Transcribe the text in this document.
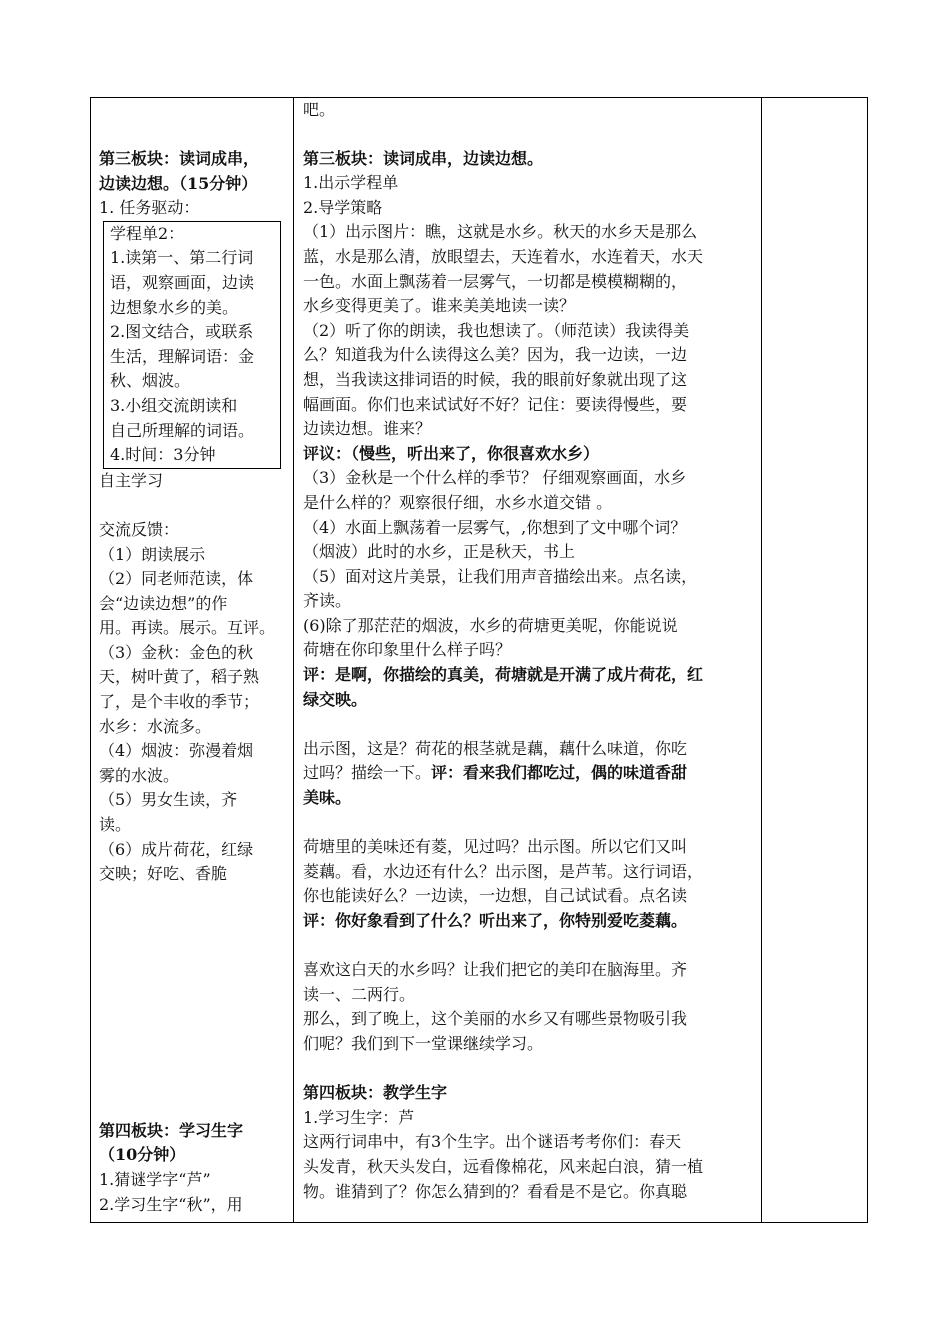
第三板块：读词成串，

边读边想。（15分钟）

1. 任务驱动：

学程单2：

1.读第一、第二行词

语，观察画面，边读

边想象水乡的美。

2.图文结合，或联系

生活，理解词语：金

秋、烟波。

3.小组交流朗读和

自己所理解的词语。

4.时间：3分钟

自主学习

交流反馈：

（1）朗读展示

（2）同老师范读，体

会“边读边想”的作

用。再读。展示。互评。

（3）金秋：金色的秋

天，树叶黄了，稻子熟

了，是个丰收的季节；

水乡：水流多。

（4）烟波：弥漫着烟

雾的水波。

（5）男女生读，齐

读。

（6）成片荷花，红绿

交映；好吃、香脆

第四板块：学习生字

（10分钟）

1.猜谜学字“芦”

2.学习生字“秋”，用

吧。

第三板块：读词成串，边读边想。

1.出示学程单

2.导学策略

（1）出示图片：瞧，这就是水乡。秋天的水乡天是那么

蓝，水是那么清，放眼望去，天连着水，水连着天，水天

一色。水面上飘荡着一层雾气，一切都是模模糊糊的，

水乡变得更美了。谁来美美地读一读？

（2）听了你的朗读，我也想读了。（师范读）我读得美

么？知道我为什么读得这么美？因为，我一边读，一边

想，当我读这排词语的时候，我的眼前好象就出现了这

幅画面。你们也来试试好不好？记住：要读得慢些，要

边读边想。谁来？

评议：（慢些，听出来了，你很喜欢水乡）

（3）金秋是一个什么样的季节？ 仔细观察画面，水乡

是什么样的？观察很仔细，水乡水道交错 。

（4）水面上飘荡着一层雾气，,你想到了文中哪个词？

（烟波）此时的水乡，正是秋天，书上

（5）面对这片美景，让我们用声音描绘出来。点名读，

齐读。

(6)除了那茫茫的烟波，水乡的荷塘更美呢，你能说说

荷塘在你印象里什么样子吗？

评：是啊，你描绘的真美，荷塘就是开满了成片荷花，红

绿交映。

出示图，这是？荷花的根茎就是藕，藕什么味道，你吃

过吗？描绘一下。评：看来我们都吃过，偶的味道香甜

美味。

荷塘里的美味还有菱，见过吗？出示图。所以它们又叫

菱藕。看，水边还有什么？出示图，是芦苇。这行词语，

你也能读好么？一边读，一边想，自己试试看。点名读

评：你好象看到了什么？听出来了，你特别爱吃菱藕。

喜欢这白天的水乡吗？让我们把它的美印在脑海里。齐

读一、二两行。

那么，到了晚上，这个美丽的水乡又有哪些景物吸引我

们呢？我们到下一堂课继续学习。

第四板块：教学生字

1.学习生字：芦

这两行词串中，有3个生字。出个谜语考考你们：春天

头发青，秋天头发白，远看像棉花，风来起白浪，猜一植

物。谁猜到了？你怎么猜到的？看看是不是它。你真聪
